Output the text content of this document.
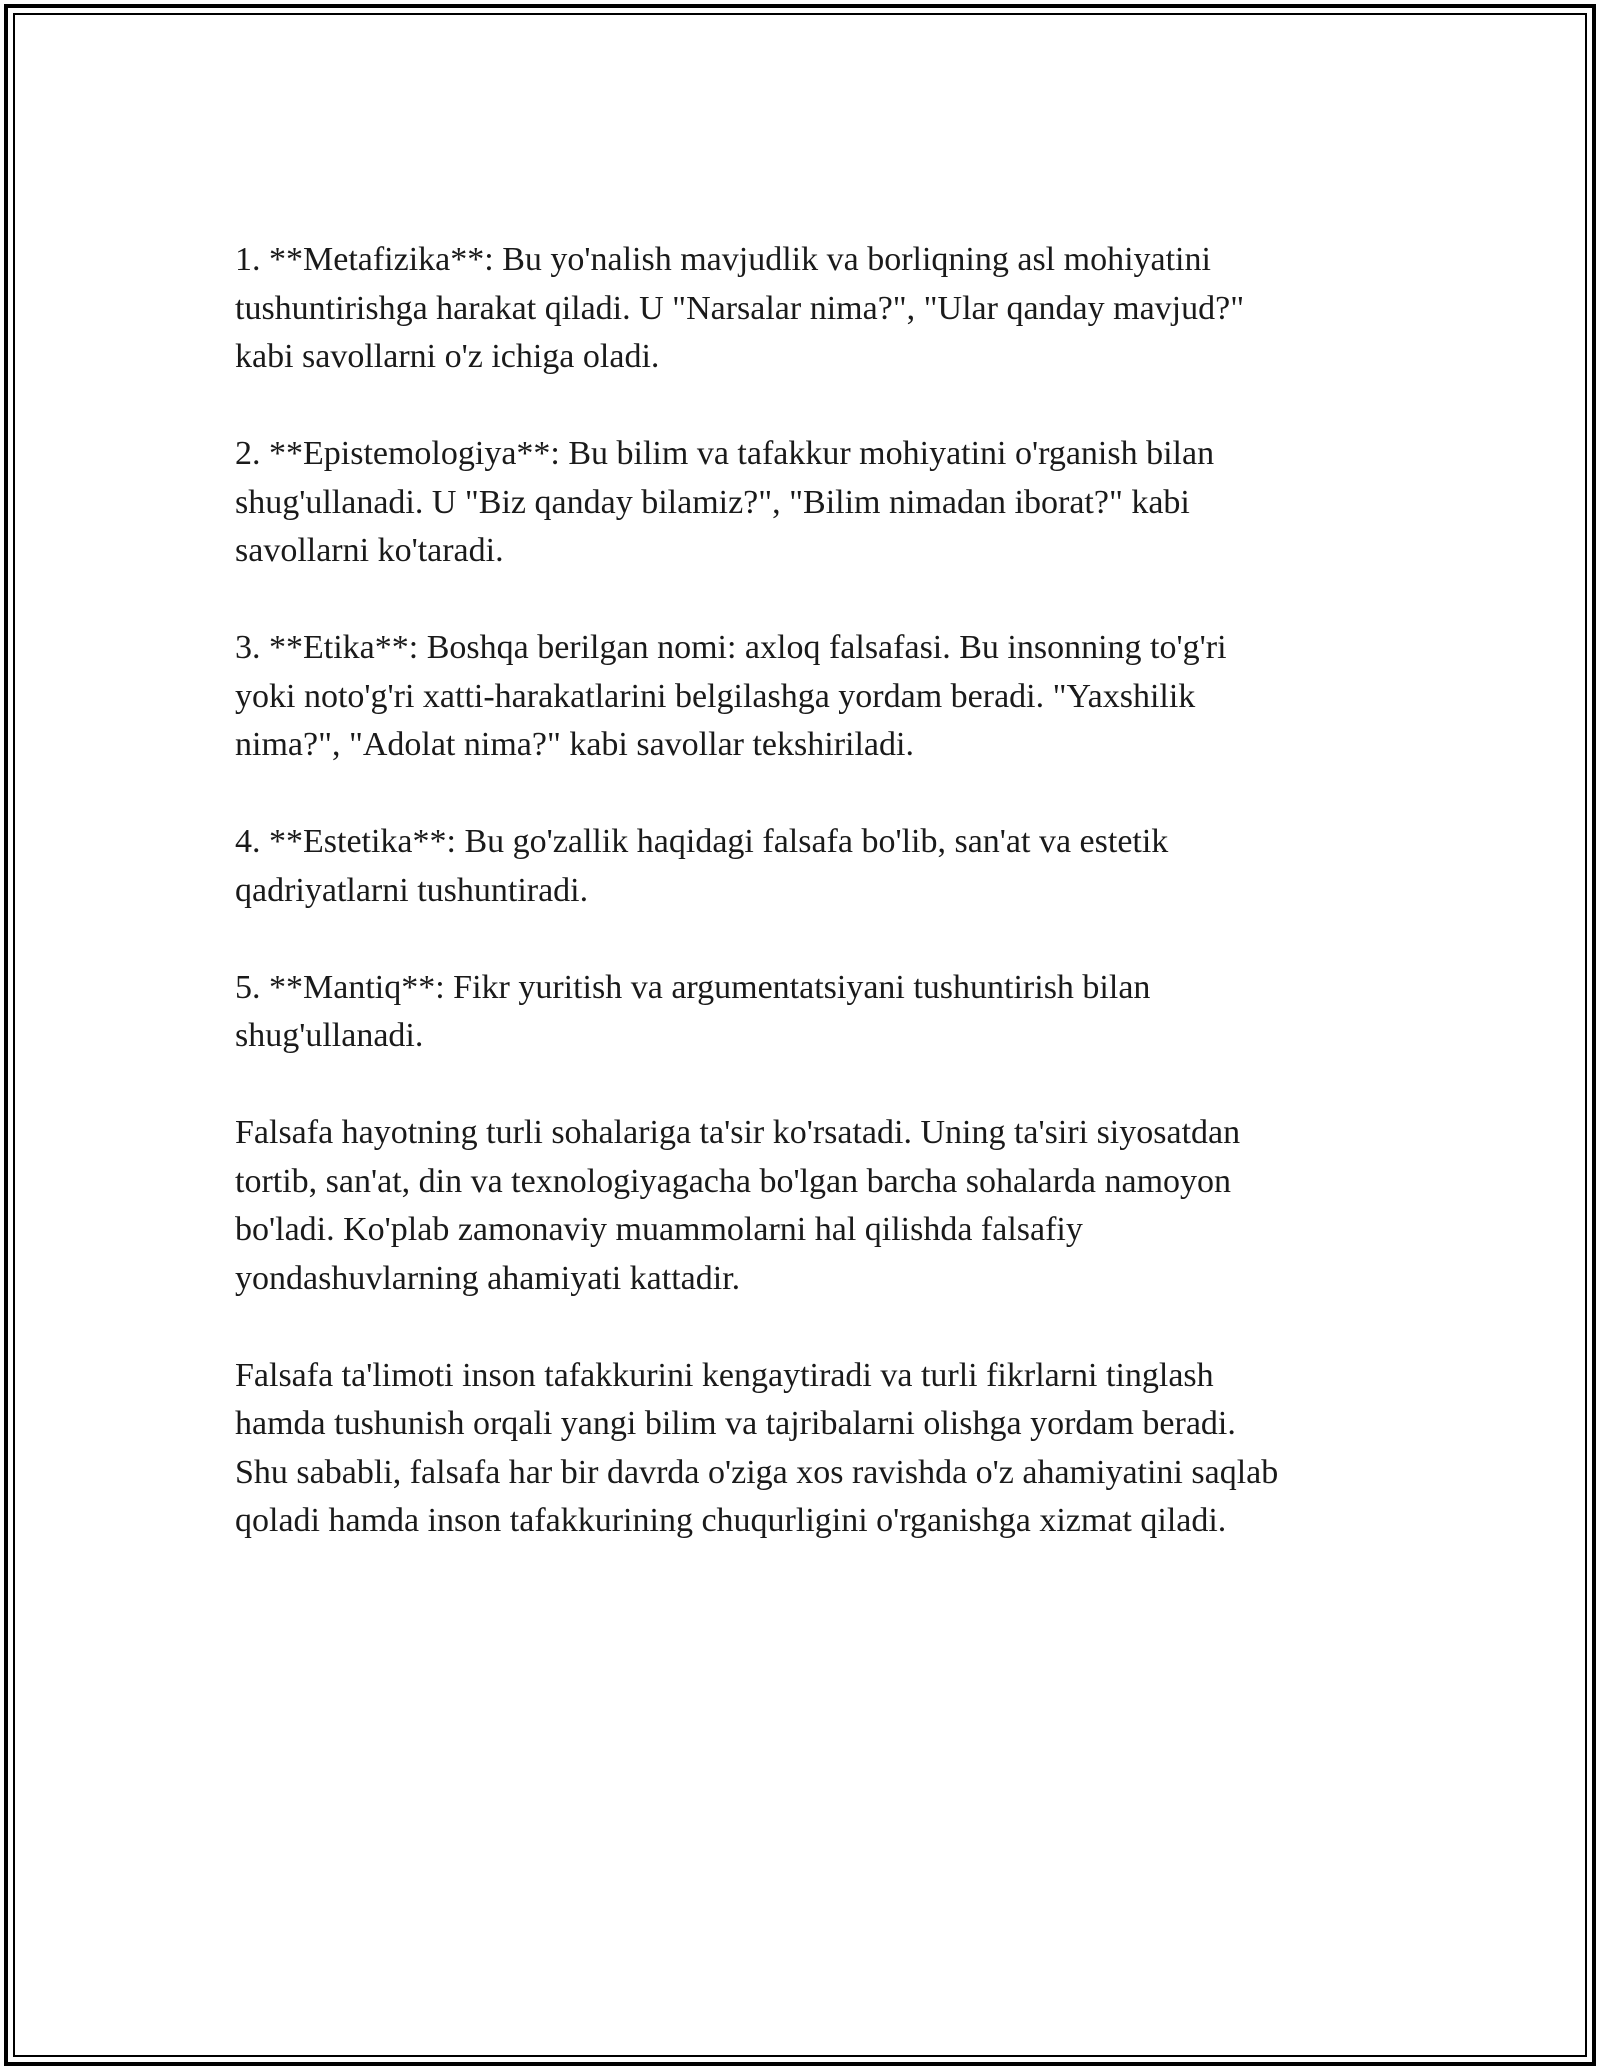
1. **Metafizika**: Bu yo'nalish mavjudlik va borliqning asl mohiyatini
tushuntirishga harakat qiladi. U "Narsalar nima?", "Ular qanday mavjud?"
kabi savollarni o'z ichiga oladi.

2. **Epistemologiya**: Bu bilim va tafakkur mohiyatini o'rganish bilan
shug'ullanadi. U "Biz qanday bilamiz?", "Bilim nimadan iborat?" kabi
savollarni ko'taradi.

3. **Etika**: Boshqa berilgan nomi: axloq falsafasi. Bu insonning to'g'ri
yoki noto'g'ri xatti-harakatlarini belgilashga yordam beradi. "Yaxshilik
nima?", "Adolat nima?" kabi savollar tekshiriladi.

4. **Estetika**: Bu go'zallik haqidagi falsafa bo'lib, san'at va estetik
qadriyatlarni tushuntiradi.

5. **Mantiq**: Fikr yuritish va argumentatsiyani tushuntirish bilan
shug'ullanadi.

Falsafa hayotning turli sohalariga ta'sir ko'rsatadi. Uning ta'siri siyosatdan
tortib, san'at, din va texnologiyagacha bo'lgan barcha sohalarda namoyon
bo'ladi. Ko'plab zamonaviy muammolarni hal qilishda falsafiy
yondashuvlarning ahamiyati kattadir.

Falsafa ta'limoti inson tafakkurini kengaytiradi va turli fikrlarni tinglash
hamda tushunish orqali yangi bilim va tajribalarni olishga yordam beradi.
Shu sababli, falsafa har bir davrda o'ziga xos ravishda o'z ahamiyatini saqlab
qoladi hamda inson tafakkurining chuqurligini o'rganishga xizmat qiladi.
